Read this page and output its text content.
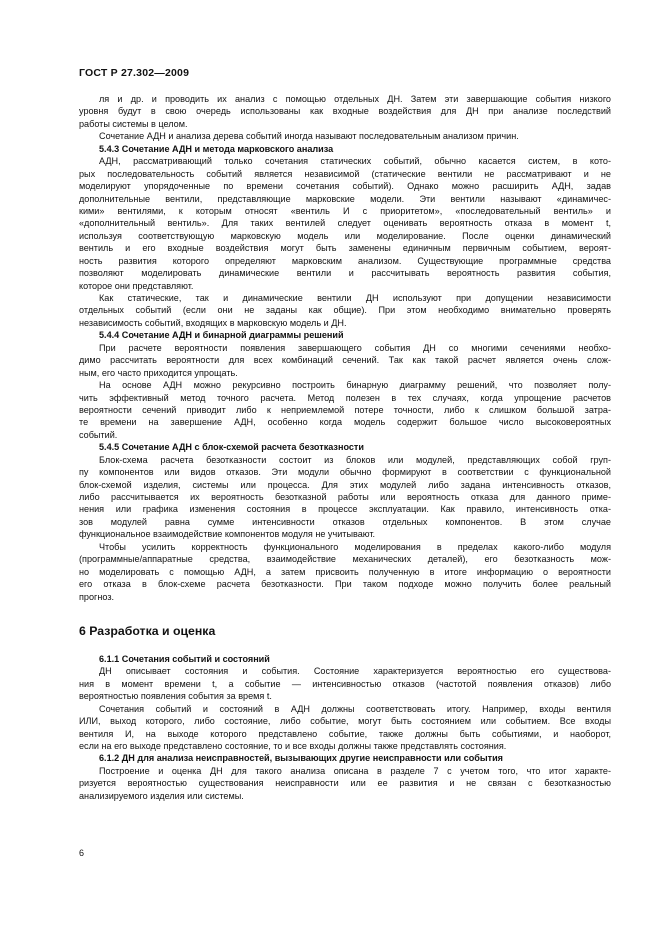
ГОСТ Р 27.302—2009
ля и др. и проводить их анализ с помощью отдельных ДН. Затем эти завершающие события низкого
уровня будут в свою очередь использованы как входные воздействия для ДН при анализе последствий
работы системы в целом.
Сочетание АДН и анализа дерева событий иногда называют последовательным анализом причин.
5.4.3 Сочетание АДН и метода марковского анализа
АДН, рассматривающий только сочетания статических событий, обычно касается систем, в кото-
рых последовательность событий является независимой (статические вентили не рассматривают и не
моделируют упорядоченные по времени сочетания событий). Однако можно расширить АДН, задав
дополнительные вентили, представляющие марковские модели. Эти вентили называют «динамичес-
кими» вентилями, к которым относят «вентиль И с приоритетом», «последовательный вентиль» и
«дополнительный вентиль». Для таких вентилей следует оценивать вероятность отказа в момент t,
используя соответствующую марковскую модель или моделирование. После оценки динамический
вентиль и его входные воздействия могут быть заменены единичным первичным событием, вероят-
ность развития которого определяют марковским анализом. Существующие программные средства
позволяют моделировать динамические вентили и рассчитывать вероятность развития события,
которое они представляют.
Как статические, так и динамические вентили ДН используют при допущении независимости
отдельных событий (если они не заданы как общие). При этом необходимо внимательно проверять
независимость событий, входящих в марковскую модель и ДН.
5.4.4 Сочетание АДН и бинарной диаграммы решений
При расчете вероятности появления завершающего события ДН со многими сечениями необхо-
димо рассчитать вероятности для всех комбинаций сечений. Так как такой расчет является очень слож-
ным, его часто приходится упрощать.
На основе АДН можно рекурсивно построить бинарную диаграмму решений, что позволяет полу-
чить эффективный метод точного расчета. Метод полезен в тех случаях, когда упрощение расчетов
вероятности сечений приводит либо к неприемлемой потере точности, либо к слишком большой затра-
те времени на завершение АДН, особенно когда модель содержит большое число высоковероятных
событий.
5.4.5 Сочетание АДН с блок-схемой расчета безотказности
Блок-схема расчета безотказности состоит из блоков или модулей, представляющих собой груп-
пу компонентов или видов отказов. Эти модули обычно формируют в соответствии с функциональной
блок-схемой изделия, системы или процесса. Для этих модулей либо задана интенсивность отказов,
либо рассчитывается их вероятность безотказной работы или вероятность отказа для данного приме-
нения или графика изменения состояния в процессе эксплуатации. Как правило, интенсивность отка-
зов модулей равна сумме интенсивности отказов отдельных компонентов. В этом случае
функциональное взаимодействие компонентов модуля не учитывают.
Чтобы усилить корректность функционального моделирования в пределах какого-либо модуля
(программные/аппаратные средства, взаимодействие механических деталей), его безотказность мож-
но моделировать с помощью АДН, а затем присвоить полученную в итоге информацию о вероятности
его отказа в блок-схеме расчета безотказности. При таком подходе можно получить более реальный
прогноз.
6 Разработка и оценка
6.1.1 Сочетания событий и состояний
ДН описывает состояния и события. Состояние характеризуется вероятностью его существова-
ния в момент времени t, а событие — интенсивностью отказов (частотой появления отказов) либо
вероятностью появления события за время t.
Сочетания событий и состояний в АДН должны соответствовать итогу. Например, входы вентиля
ИЛИ, выход которого, либо состояние, либо событие, могут быть состоянием или событием. Все входы
вентиля И, на выходе которого представлено событие, также должны быть событиями, и наоборот,
если на его выходе представлено состояние, то и все входы должны также представлять состояния.
6.1.2 ДН для анализа неисправностей, вызывающих другие неисправности или события
Построение и оценка ДН для такого анализа описана в разделе 7 с учетом того, что итог характе-
ризуется вероятностью существования неисправности или ее развития и не связан с безотказностью
анализируемого изделия или системы.
6
